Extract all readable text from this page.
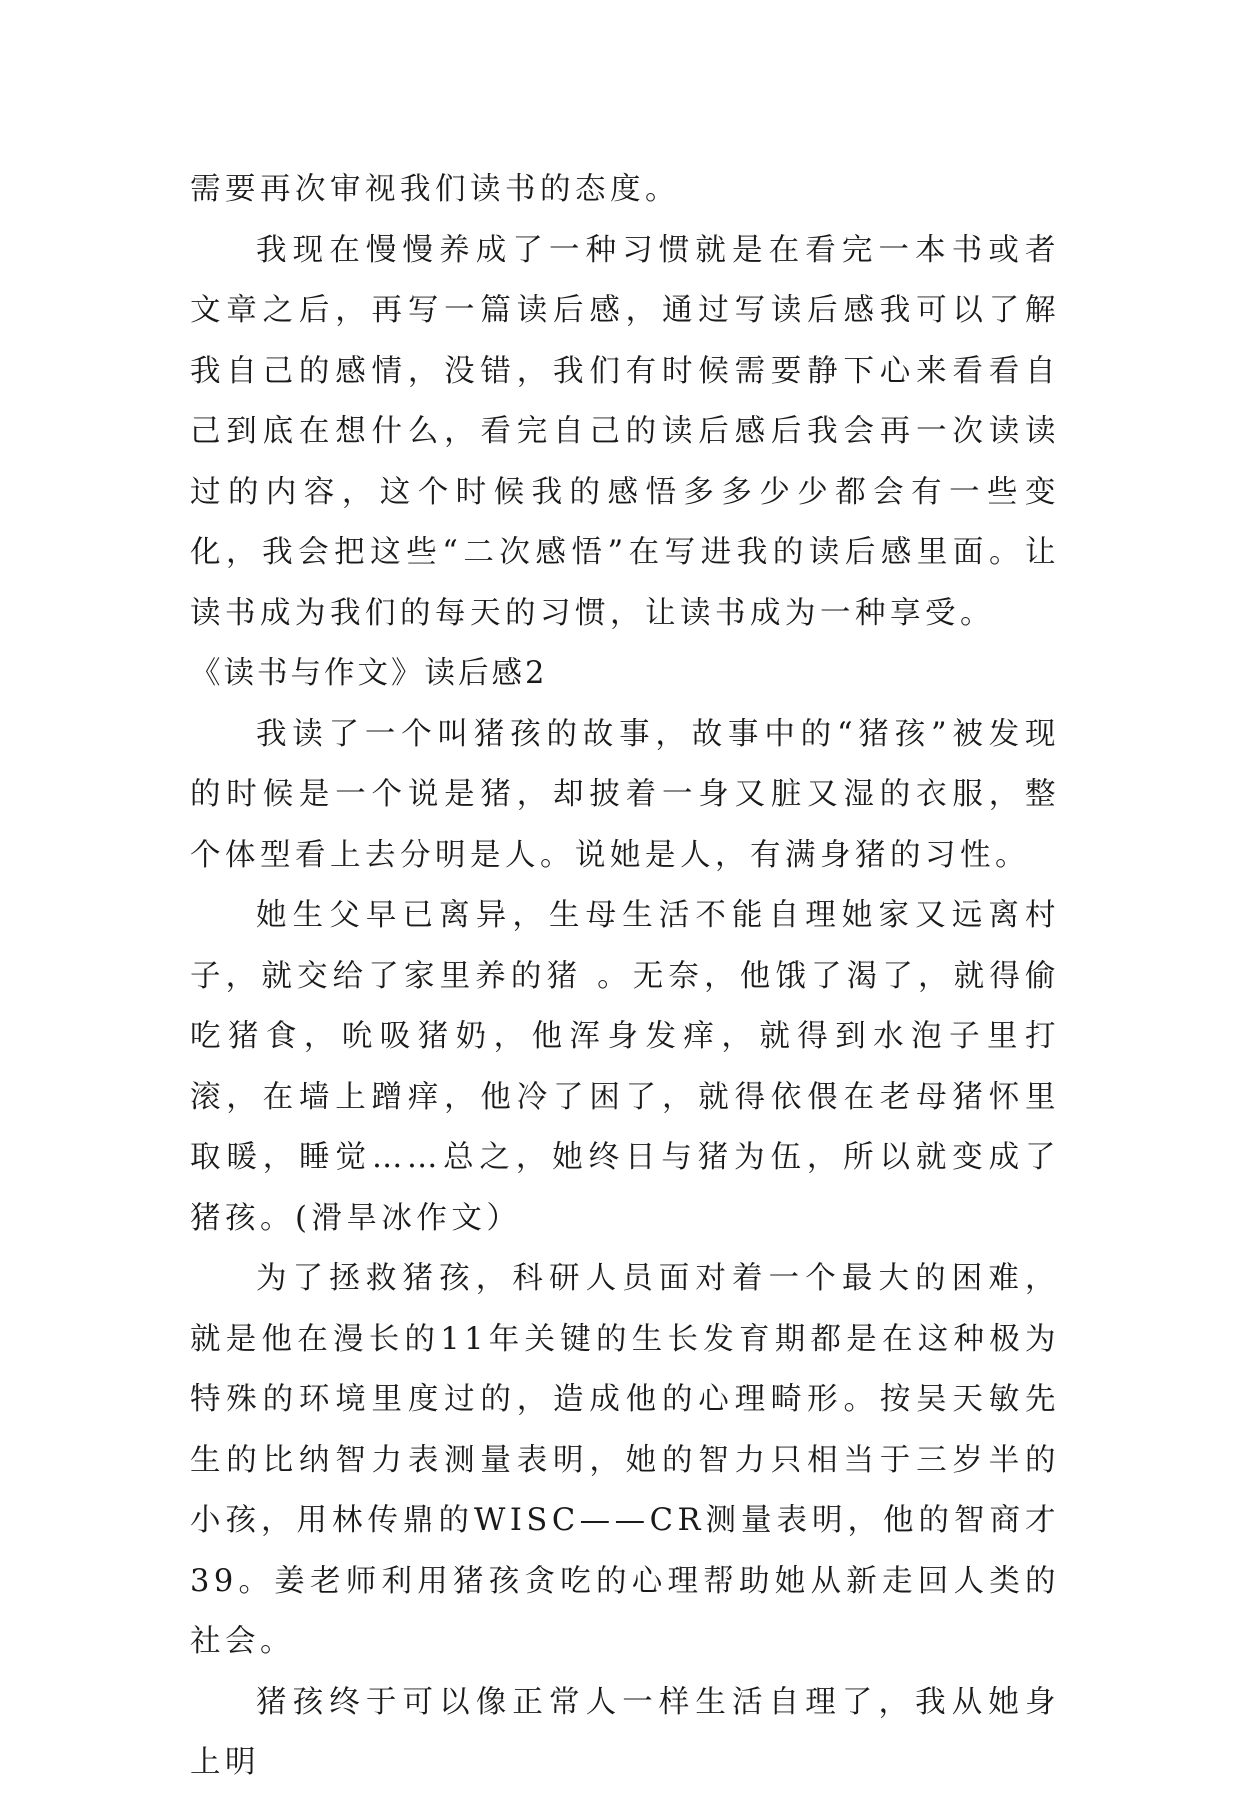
需要再次审视我们读书的态度。

我现在慢慢养成了一种习惯就是在看完一本书或者文章之后，再写一篇读后感，通过写读后感我可以了解我自己的感情，没错，我们有时候需要静下心来看看自己到底在想什么，看完自己的读后感后我会再一次读读过的内容，这个时候我的感悟多多少少都会有一些变化，我会把这些“二次感悟”在写进我的读后感里面。让读书成为我们的每天的习惯，让读书成为一种享受。

《读书与作文》读后感2

我读了一个叫猪孩的故事，故事中的“猪孩”被发现的时候是一个说是猪，却披着一身又脏又湿的衣服，整个体型看上去分明是人。说她是人，有满身猪的习性。

她生父早已离异，生母生活不能自理她家又远离村子，就交给了家里养的猪 。无奈，他饿了渴了，就得偷吃猪食，吮吸猪奶，他浑身发痒，就得到水泡子里打滚，在墙上蹭痒，他冷了困了，就得依偎在老母猪怀里取暖，睡觉……总之，她终日与猪为伍，所以就变成了猪孩。(滑旱冰作文）

为了拯救猪孩，科研人员面对着一个最大的困难，就是他在漫长的11年关键的生长发育期都是在这种极为特殊的环境里度过的，造成他的心理畸形。按吴天敏先生的比纳智力表测量表明，她的智力只相当于三岁半的小孩，用林传鼎的WISC——CR测量表明，他的智商才39。姜老师利用猪孩贪吃的心理帮助她从新走回人类的社会。

猪孩终于可以像正常人一样生活自理了，我从她身上明
